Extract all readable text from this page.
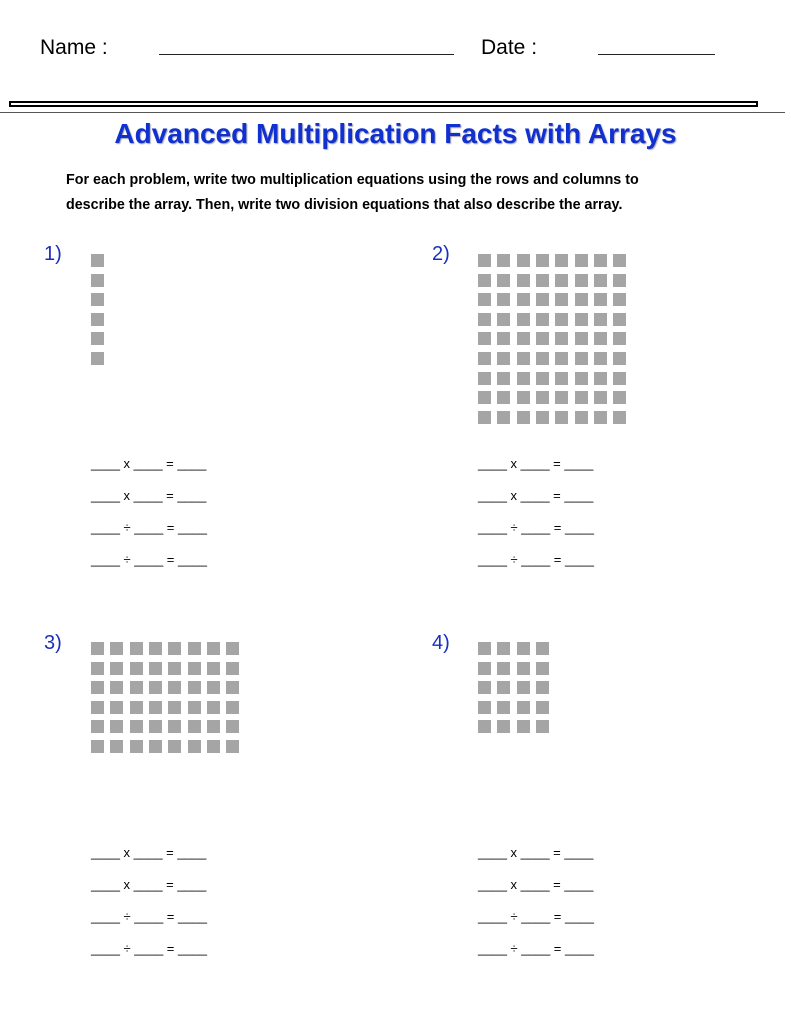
Name :	Date :
Advanced Multiplication Facts with Arrays
For each problem, write two multiplication equations using the rows and columns to
describe the array. Then, write two division equations that also describe the array.
1)
____ x ____ = ____
____ x ____ = ____
____ ÷ ____ = ____
____ ÷ ____ = ____
2)
____ x ____ = ____
____ x ____ = ____
____ ÷ ____ = ____
____ ÷ ____ = ____
3)
____ x ____ = ____
____ x ____ = ____
____ ÷ ____ = ____
____ ÷ ____ = ____
4)
____ x ____ = ____
____ x ____ = ____
____ ÷ ____ = ____
____ ÷ ____ = ____
